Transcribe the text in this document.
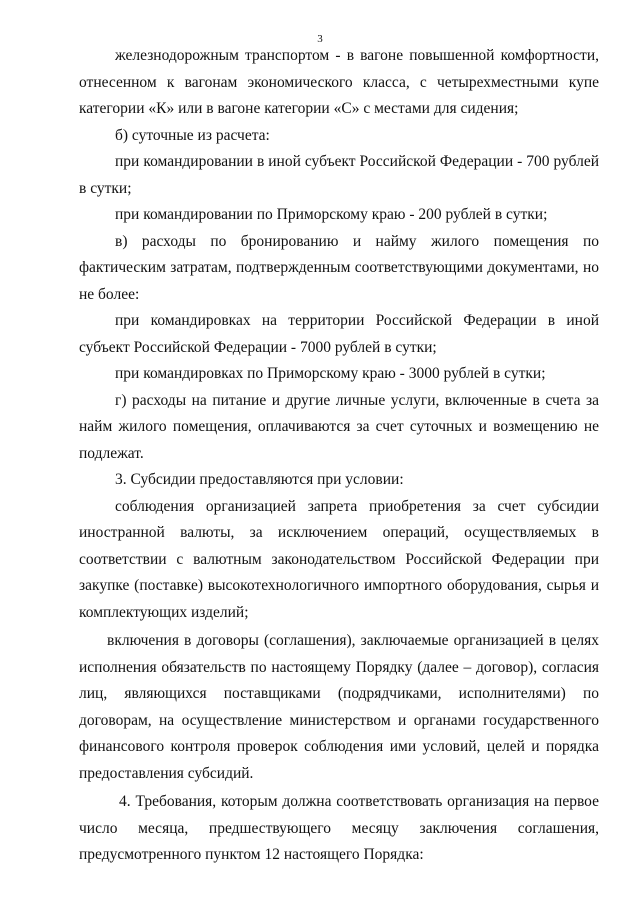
3

железнодорожным транспортом - в вагоне повышенной комфортности, отнесенном к вагонам экономического класса, с четырехместными купе категории «К» или в вагоне категории «С» с местами для сидения;

б) суточные из расчета:

при командировании в иной субъект Российской Федерации - 700 рублей в сутки;

при командировании по Приморскому краю - 200 рублей в сутки;

в) расходы по бронированию и найму жилого помещения по фактическим затратам, подтвержденным соответствующими документами, но не более:

при командировках на территории Российской Федерации в иной субъект Российской Федерации - 7000 рублей в сутки;

при командировках по Приморскому краю - 3000 рублей в сутки;

г) расходы на питание и другие личные услуги, включенные в счета за найм жилого помещения, оплачиваются за счет суточных и возмещению не подлежат.

3. Субсидии предоставляются при условии:

соблюдения организацией запрета приобретения за счет субсидии иностранной валюты, за исключением операций, осуществляемых в соответствии с валютным законодательством Российской Федерации при закупке (поставке) высокотехнологичного импортного оборудования, сырья и комплектующих изделий;

включения в договоры (соглашения), заключаемые организацией в целях исполнения обязательств по настоящему Порядку (далее – договор), согласия лиц, являющихся поставщиками (подрядчиками, исполнителями) по договорам, на осуществление министерством и органами государственного финансового контроля проверок соблюдения ими условий, целей и порядка предоставления субсидий.

4. Требования, которым должна соответствовать организация на первое число месяца, предшествующего месяцу заключения соглашения, предусмотренного пунктом 12 настоящего Порядка:
